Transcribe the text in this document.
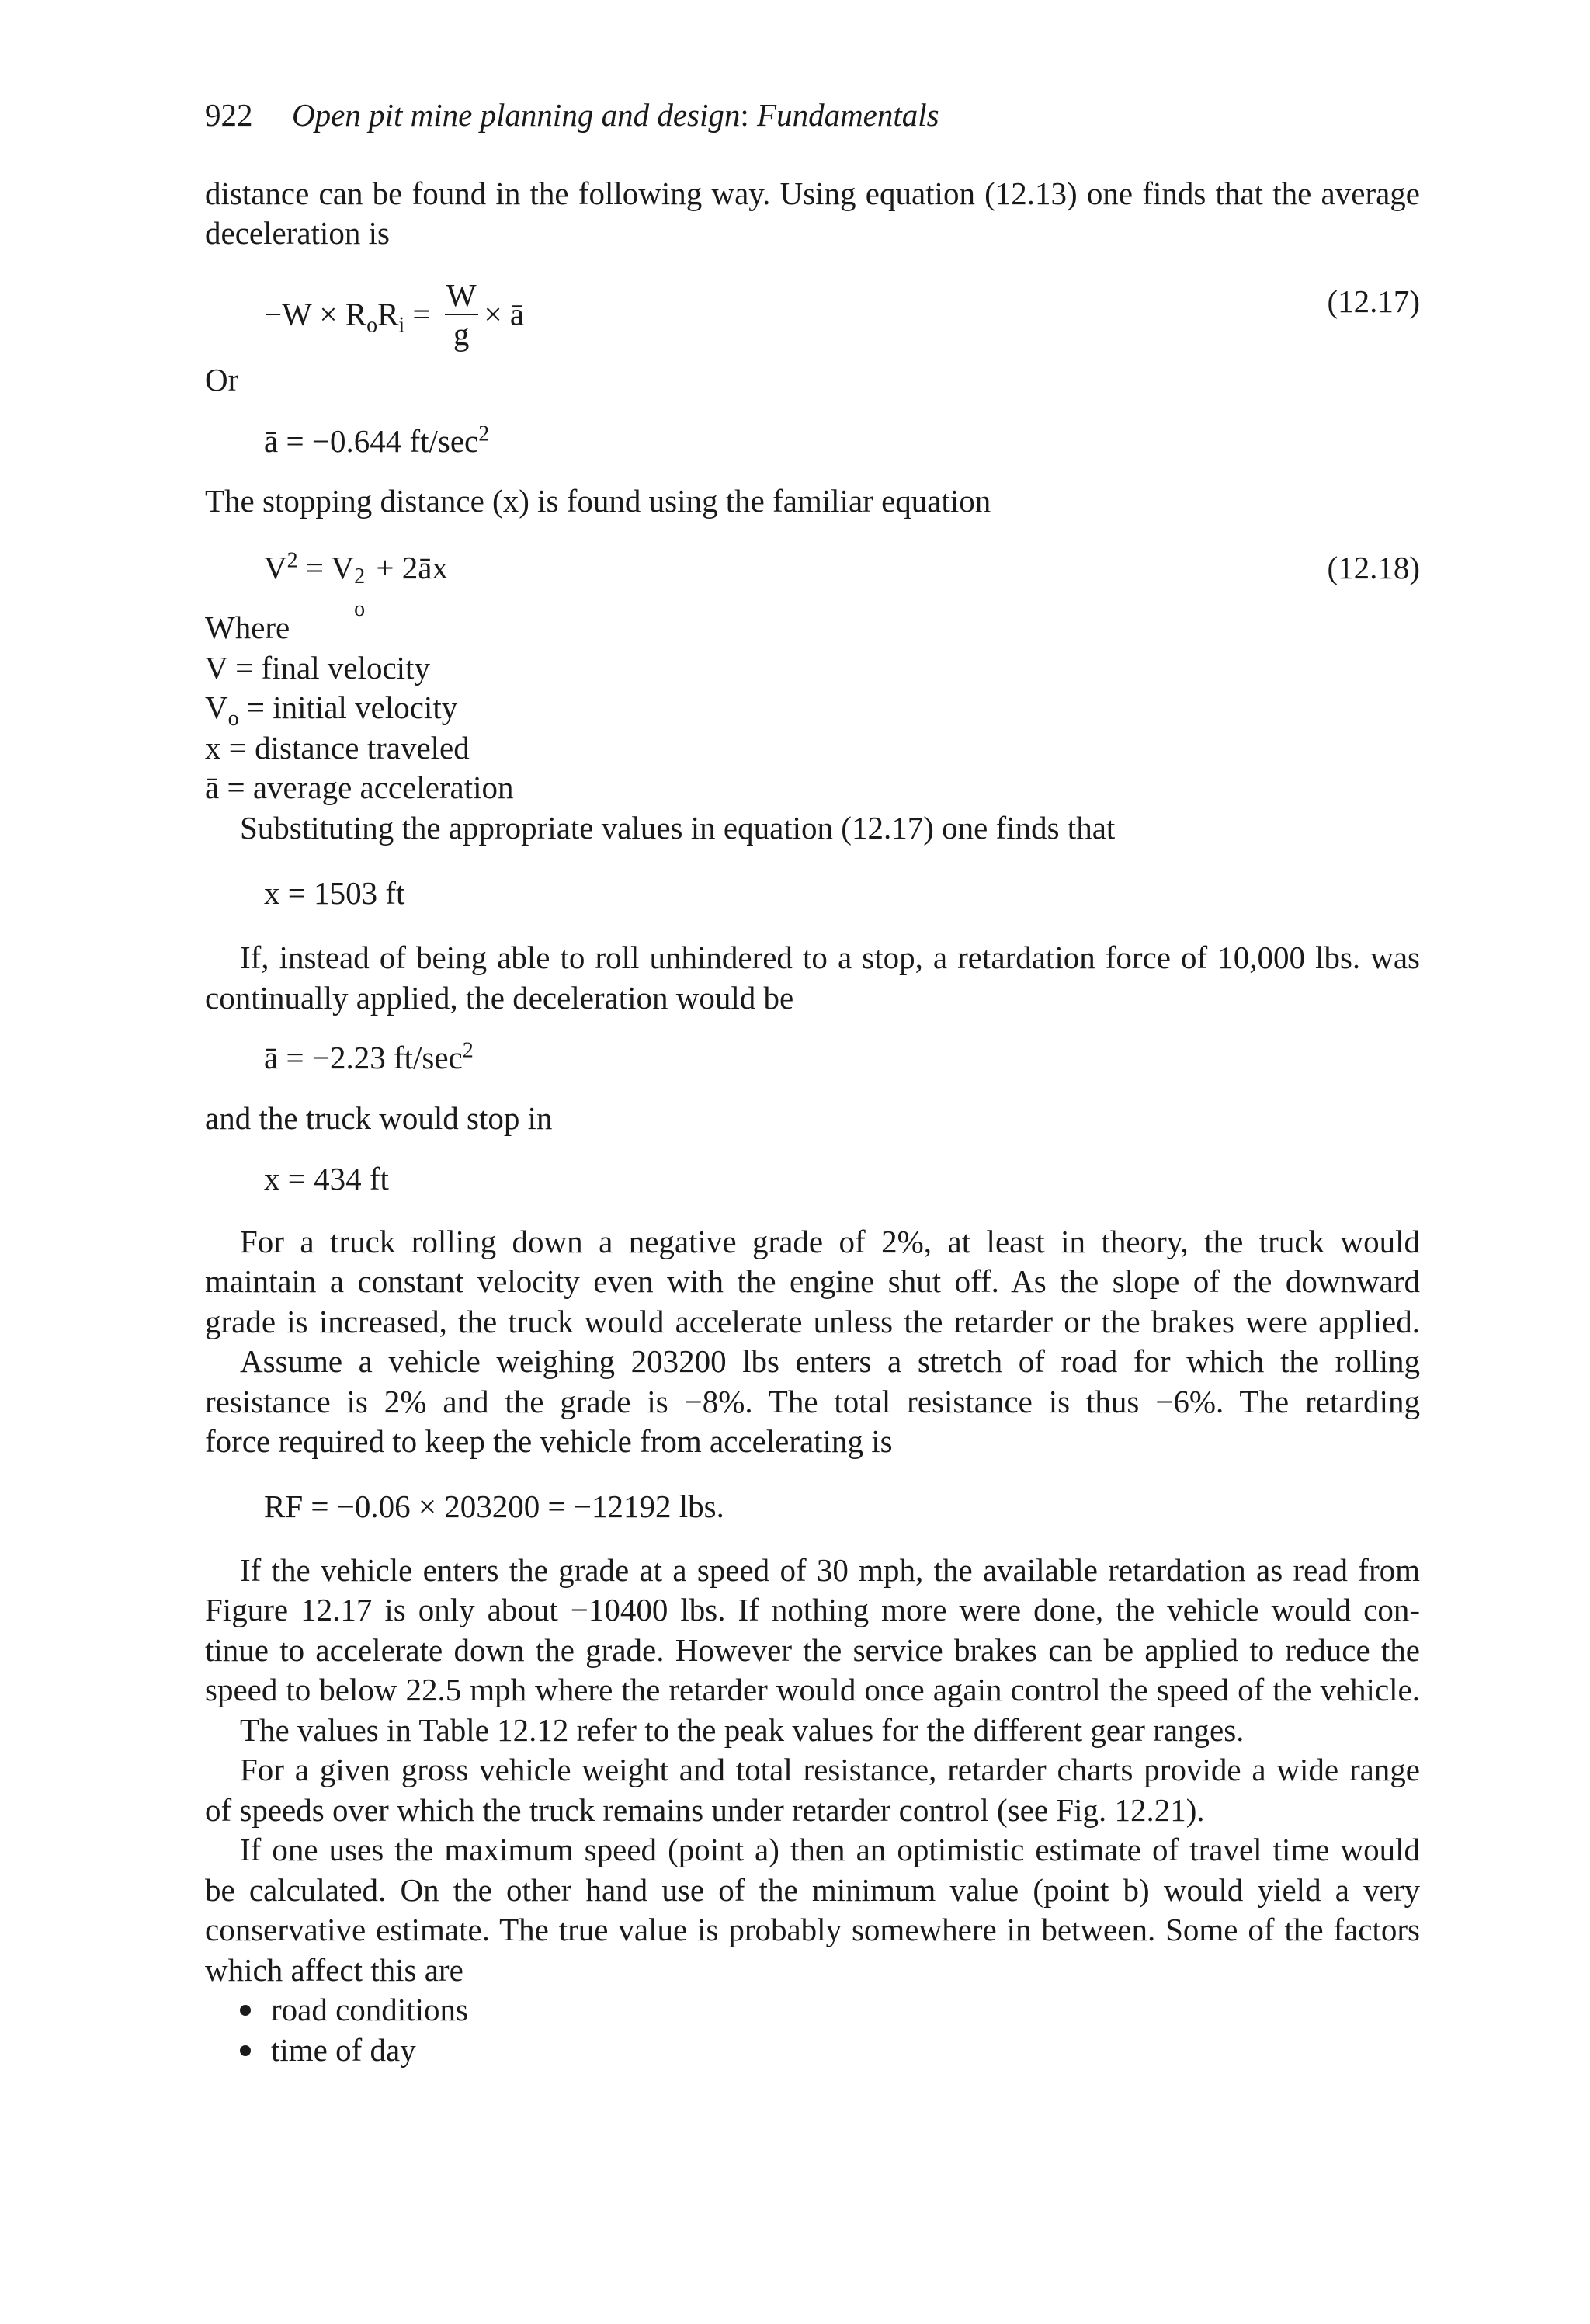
922 Open pit mine planning and design: Fundamentals
distance can be found in the following way. Using equation (12.13) one finds that the average
deceleration is
$-W \times R_oR_i = \frac{W}{g}$ × ā	(12.17)
Or
ā = −0.644 $ft/\sec^2$
The stopping distance (x) is found using the familiar equation
$V^2 = V$ 2
o
+ 2āx	(12.18)
Where
V = final velocity
$V_o$ = initial velocity
x = distance traveled
ā = average acceleration
Substituting the appropriate values in equation (12.17) one finds that
x = 1503 ft
If, instead of being able to roll unhindered to a stop, a retardation force of 10,000 lbs. was
continually applied, the deceleration would be
ā = −2.23 $ft/\sec^2$
and the truck would stop in
x = 434 ft
For a truck rolling down a negative grade of 2%, at least in theory, the truck would
maintain a constant velocity even with the engine shut off. As the slope of the downward
grade is increased, the truck would accelerate unless the retarder or the brakes were applied.
Assume a vehicle weighing 203200 lbs enters a stretch of road for which the rolling
resistance is 2% and the grade is −8%. The total resistance is thus −6%. The retarding
force required to keep the vehicle from accelerating is
RF = −0.06 × 203200 = −12192 lbs.
If the vehicle enters the grade at a speed of 30 mph, the available retardation as read from
Figure 12.17 is only about −10400 lbs. If nothing more were done, the vehicle would con-
tinue to accelerate down the grade. However the service brakes can be applied to reduce the
speed to below 22.5 mph where the retarder would once again control the speed of the vehicle.
The values in Table 12.12 refer to the peak values for the different gear ranges.
For a given gross vehicle weight and total resistance, retarder charts provide a wide range
of speeds over which the truck remains under retarder control (see Fig. 12.21).
If one uses the maximum speed (point a) then an optimistic estimate of travel time would
be calculated. On the other hand use of the minimum value (point b) would yield a very
conservative estimate. The true value is probably somewhere in between. Some of the factors
which affect this are
road conditions
time of day
